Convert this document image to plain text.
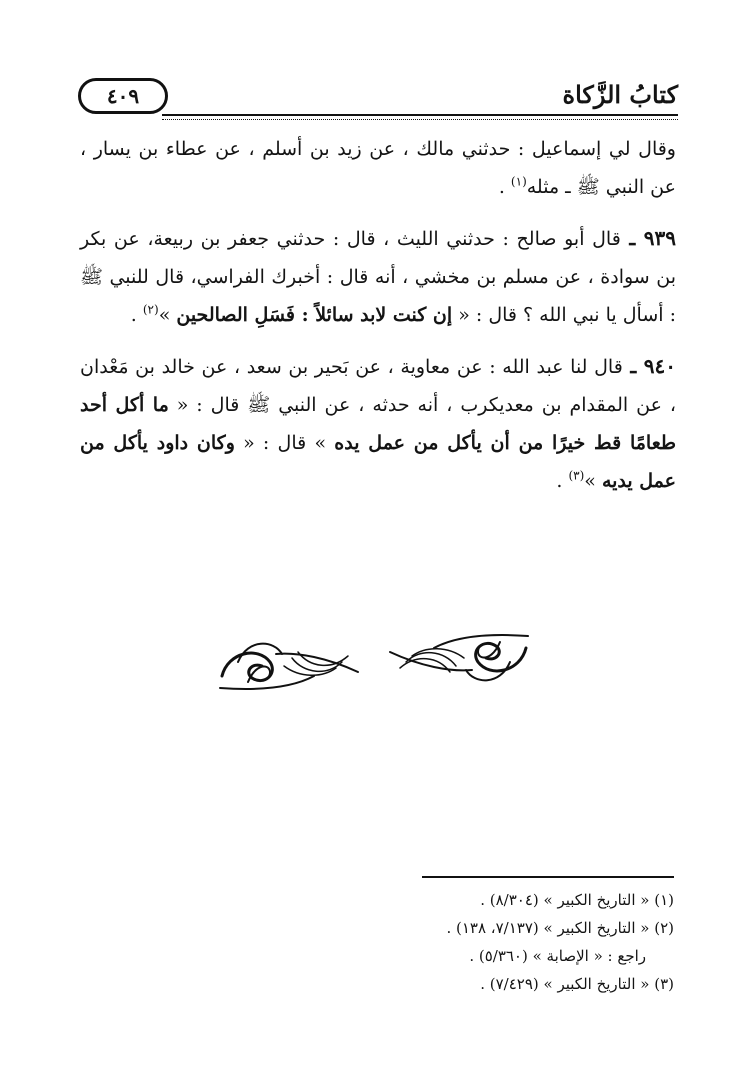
كتابُ الزَّكاة
٤٠٩

وقال لي إسماعيل : حدثني مالك ، عن زيد بن أسلم ، عن عطاء بن يسار ، عن النبي ﷺ ـ مثله$^{(١)}$ .

٩٣٩ ـ قال أبو صالح : حدثني الليث ، قال : حدثني جعفر بن ربيعة، عن بكر بن سوادة ، عن مسلم بن مخشي ، أنه قال : أخبرك الفراسي، قال للنبي ﷺ : أسأل يا نبي الله ؟ قال : « إن كنت لابد سائلاً : فَسَلِ الصالحين »$^{(٢)}$ .

٩٤٠ ـ قال لنا عبد الله : عن معاوية ، عن بَحير بن سعد ، عن خالد بن مَعْدان ، عن المقدام بن معديكرب ، أنه حدثه ، عن النبي ﷺ قال : « ما أكل أحد طعامًا قط خيرًا من أن يأكل من عمل يده » قال : « وكان داود يأكل من عمل يديه »$^{(٣)}$ .

(١) « التاريخ الكبير » (٨/٣٠٤) .

(٢) « التاريخ الكبير » (٧/١٣٧، ١٣٨) .

راجع : « الإصابة » (٥/٣٦٠) .

(٣) « التاريخ الكبير » (٧/٤٢٩) .
